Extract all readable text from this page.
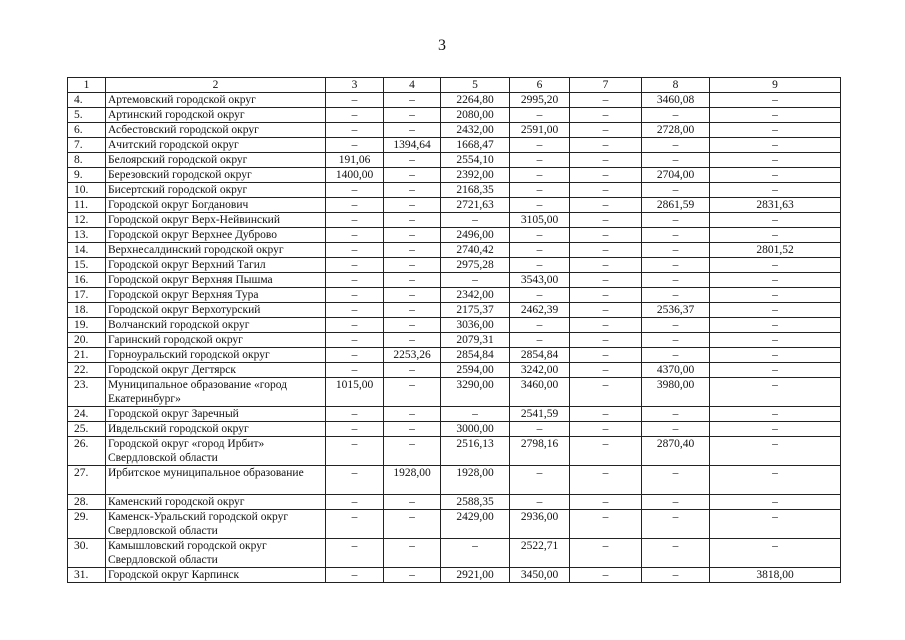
3
1	2	3	4	5	6	7	8	9
4.	Артемовский городской округ	–	–	2264,80	2995,20	–	3460,08	–
5.	Артинский городской округ	–	–	2080,00	–	–	–	–
6.	Асбестовский городской округ	–	–	2432,00	2591,00	–	2728,00	–
7.	Ачитский городской округ	–	1394,64	1668,47	–	–	–	–
8.	Белоярский городской округ	191,06	–	2554,10	–	–	–	–
9.	Березовский городской округ	1400,00	–	2392,00	–	–	2704,00	–
10.	Бисертский городской округ	–	–	2168,35	–	–	–	–
11.	Городской округ Богданович	–	–	2721,63	–	–	2861,59	2831,63
12.	Городской округ Верх-Нейвинский	–	–	–	3105,00	–	–	–
13.	Городской округ Верхнее Дуброво	–	–	2496,00	–	–	–	–
14.	Верхнесалдинский городской округ	–	–	2740,42	–	–	–	2801,52
15.	Городской округ Верхний Тагил	–	–	2975,28	–	–	–	–
16.	Городской округ Верхняя Пышма	–	–	–	3543,00	–	–	–
17.	Городской округ Верхняя Тура	–	–	2342,00	–	–	–	–
18.	Городской округ Верхотурский	–	–	2175,37	2462,39	–	2536,37	–
19.	Волчанский городской округ	–	–	3036,00	–	–	–	–
20.	Гаринский городской округ	–	–	2079,31	–	–	–	–
21.	Горноуральский городской округ	–	2253,26	2854,84	2854,84	–	–	–
22.	Городской округ Дегтярск	–	–	2594,00	3242,00	–	4370,00	–
23.	Муниципальное образование «город Екатеринбург»	1015,00	–	3290,00	3460,00	–	3980,00	–
24.	Городской округ Заречный	–	–	–	2541,59	–	–	–
25.	Ивдельский городской округ	–	–	3000,00	–	–	–	–
26.	Городской округ «город Ирбит» Свердловской области	–	–	2516,13	2798,16	–	2870,40	–
27.	Ирбитское муниципальное образование	–	1928,00	1928,00	–	–	–	–
28.	Каменский городской округ	–	–	2588,35	–	–	–	–
29.	Каменск-Уральский городской округ Свердловской области	–	–	2429,00	2936,00	–	–	–
30.	Камышловский городской округ Свердловской области	–	–	–	2522,71	–	–	–
31.	Городской округ Карпинск	–	–	2921,00	3450,00	–	–	3818,00
